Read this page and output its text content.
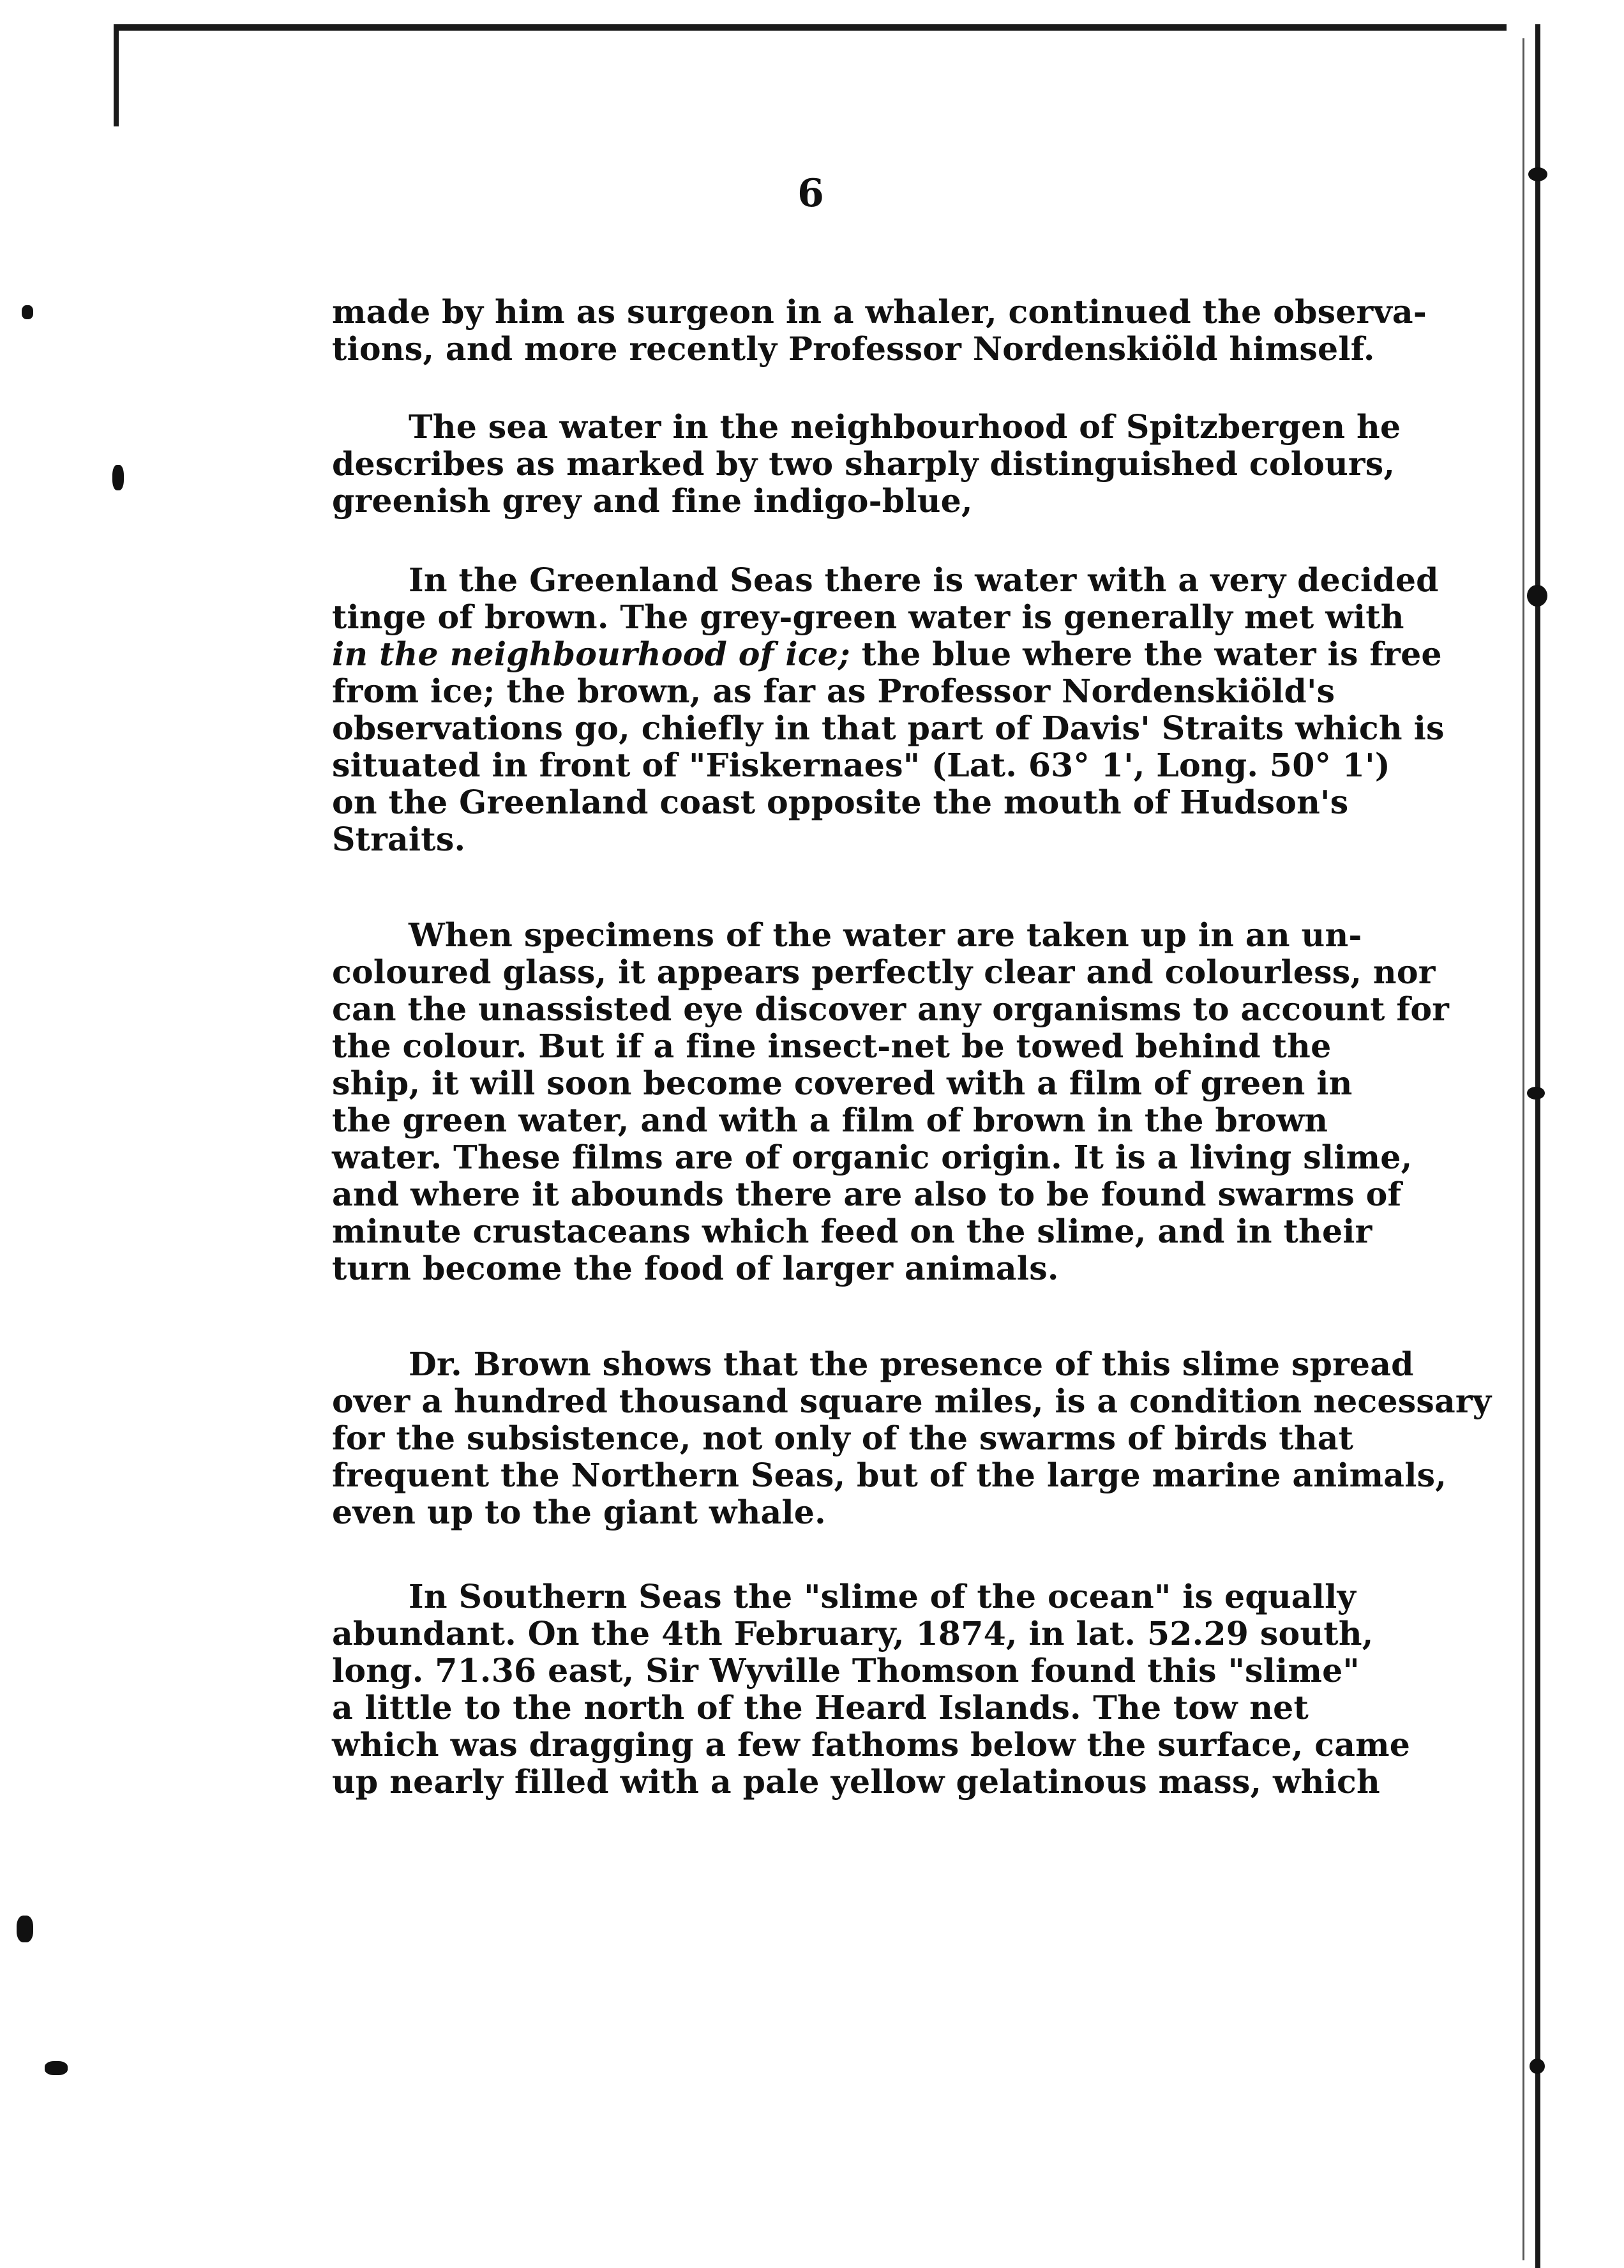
6
made by him as surgeon in a whaler, continued the observa-
tions, and more recently Professor Nordenskiöld himself.
The sea water in the neighbourhood of Spitzbergen he
describes as marked by two sharply distinguished colours,
greenish grey and fine indigo-blue,
In the Greenland Seas there is water with a very decided
tinge of brown. The grey-green water is generally met with
in the neighbourhood of ice; the blue where the water is free
from ice; the brown, as far as Professor Nordenskiöld's
observations go, chiefly in that part of Davis' Straits which is
situated in front of "Fiskernaes" (Lat. 63° 1', Long. 50° 1')
on the Greenland coast opposite the mouth of Hudson's
Straits.
When specimens of the water are taken up in an un-
coloured glass, it appears perfectly clear and colourless, nor
can the unassisted eye discover any organisms to account for
the colour. But if a fine insect-net be towed behind the
ship, it will soon become covered with a film of green in
the green water, and with a film of brown in the brown
water. These films are of organic origin. It is a living slime,
and where it abounds there are also to be found swarms of
minute crustaceans which feed on the slime, and in their
turn become the food of larger animals.
Dr. Brown shows that the presence of this slime spread
over a hundred thousand square miles, is a condition necessary
for the subsistence, not only of the swarms of birds that
frequent the Northern Seas, but of the large marine animals,
even up to the giant whale.
In Southern Seas the "slime of the ocean" is equally
abundant. On the 4th February, 1874, in lat. 52.29 south,
long. 71.36 east, Sir Wyville Thomson found this "slime"
a little to the north of the Heard Islands. The tow net
which was dragging a few fathoms below the surface, came
up nearly filled with a pale yellow gelatinous mass, which
